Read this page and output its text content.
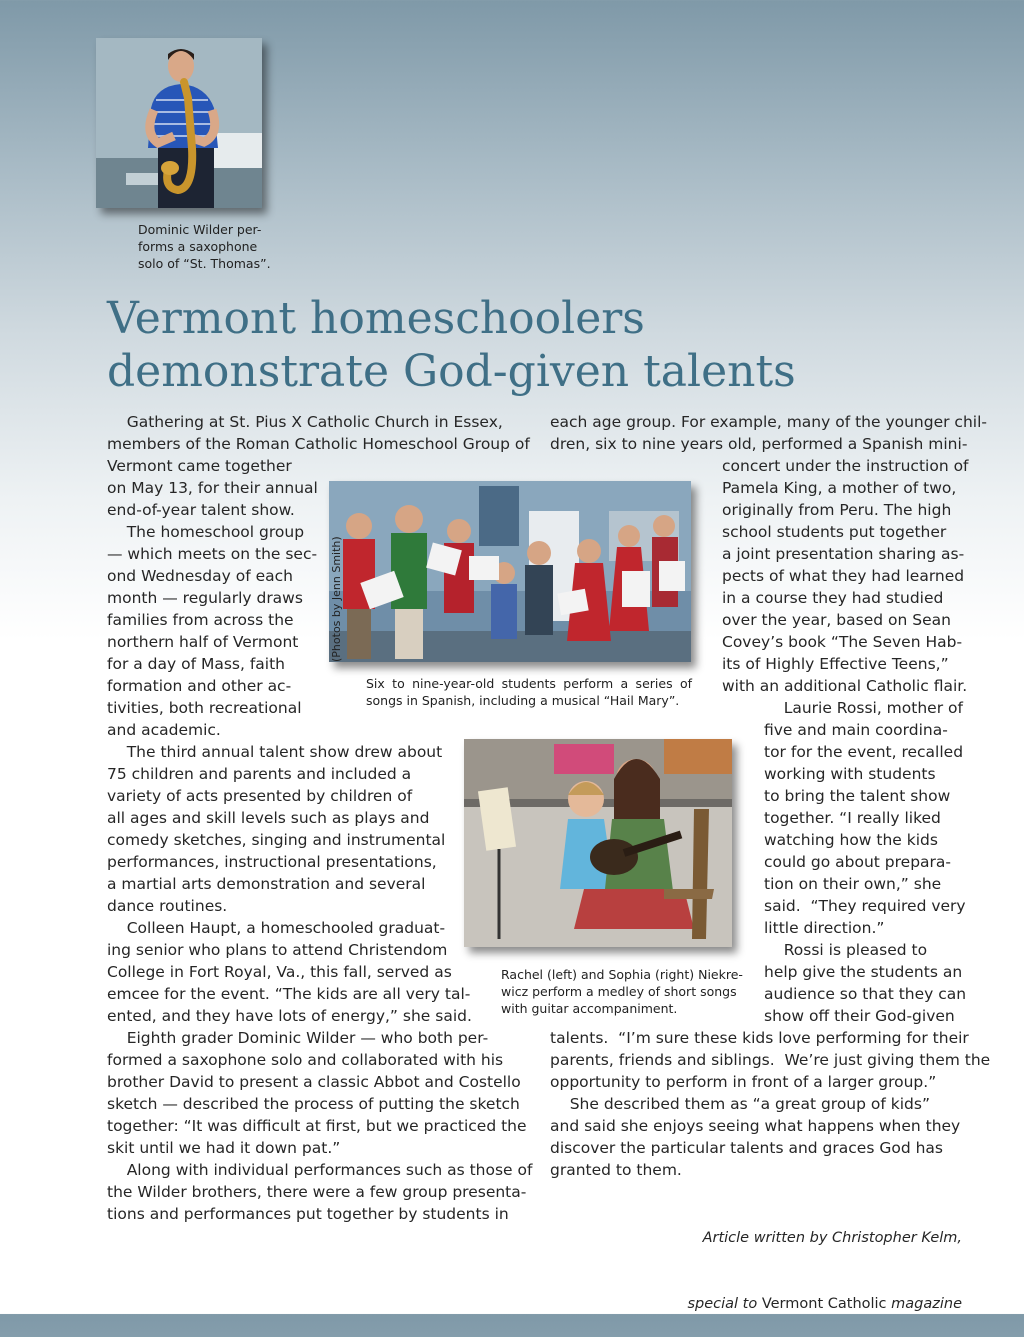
Dominic Wilder per-
forms a saxophone
solo of “St. Thomas”.
Vermont homeschoolers
demonstrate God-given talents
(Photos by Jenn Smith)
Six to nine-year-old students perform a series of songs in Spanish, including a musical “Hail Mary”.
Rachel (left) and Sophia (right) Niekre-
wicz perform a medley of short songs
with guitar accompaniment.
Gathering at St. Pius X Catholic Church in Essex,
members of the Roman Catholic Homeschool Group of
Vermont came together
on May 13, for their annual
end-of-year talent show.
The homeschool group
— which meets on the sec-
ond Wednesday of each
month — regularly draws
families from across the
northern half of Vermont
for a day of Mass, faith
formation and other ac-
tivities, both recreational
and academic.
The third annual talent show drew about
75 children and parents and included a
variety of acts presented by children of
all ages and skill levels such as plays and
comedy sketches, singing and instrumental
performances, instructional presentations,
a martial arts demonstration and several
dance routines.
Colleen Haupt, a homeschooled graduat-
ing senior who plans to attend Christendom
College in Fort Royal, Va., this fall, served as
emcee for the event. “The kids are all very tal-
ented, and they have lots of energy,” she said.
Eighth grader Dominic Wilder — who both per-
formed a saxophone solo and collaborated with his
brother David to present a classic Abbot and Costello
sketch — described the process of putting the sketch
together: “It was difficult at first, but we practiced the
skit until we had it down pat.”
Along with individual performances such as those of
the Wilder brothers, there were a few group presenta-
tions and performances put together by students in
each age group. For example, many of the younger chil-
dren, six to nine years old, performed a Spanish mini-
concert under the instruction of
Pamela King, a mother of two,
originally from Peru. The high
school students put together
a joint presentation sharing as-
pects of what they had learned
in a course they had studied
over the year, based on Sean
Covey’s book “The Seven Hab-
its of Highly Effective Teens,”
with an additional Catholic flair.
Laurie Rossi, mother of
five and main coordina-
tor for the event, recalled
working with students
to bring the talent show
together. “I really liked
watching how the kids
could go about prepara-
tion on their own,” she
said.  “They required very
little direction.”
Rossi is pleased to
help give the students an
audience so that they can
show off their God-given
talents.  “I’m sure these kids love performing for their
parents, friends and siblings.  We’re just giving them the
opportunity to perform in front of a larger group.”
She described them as “a great group of kids”
and said she enjoys seeing what happens when they
discover the particular talents and graces God has
granted to them.

Article written by Christopher Kelm,

special to Vermont Catholic magazine
